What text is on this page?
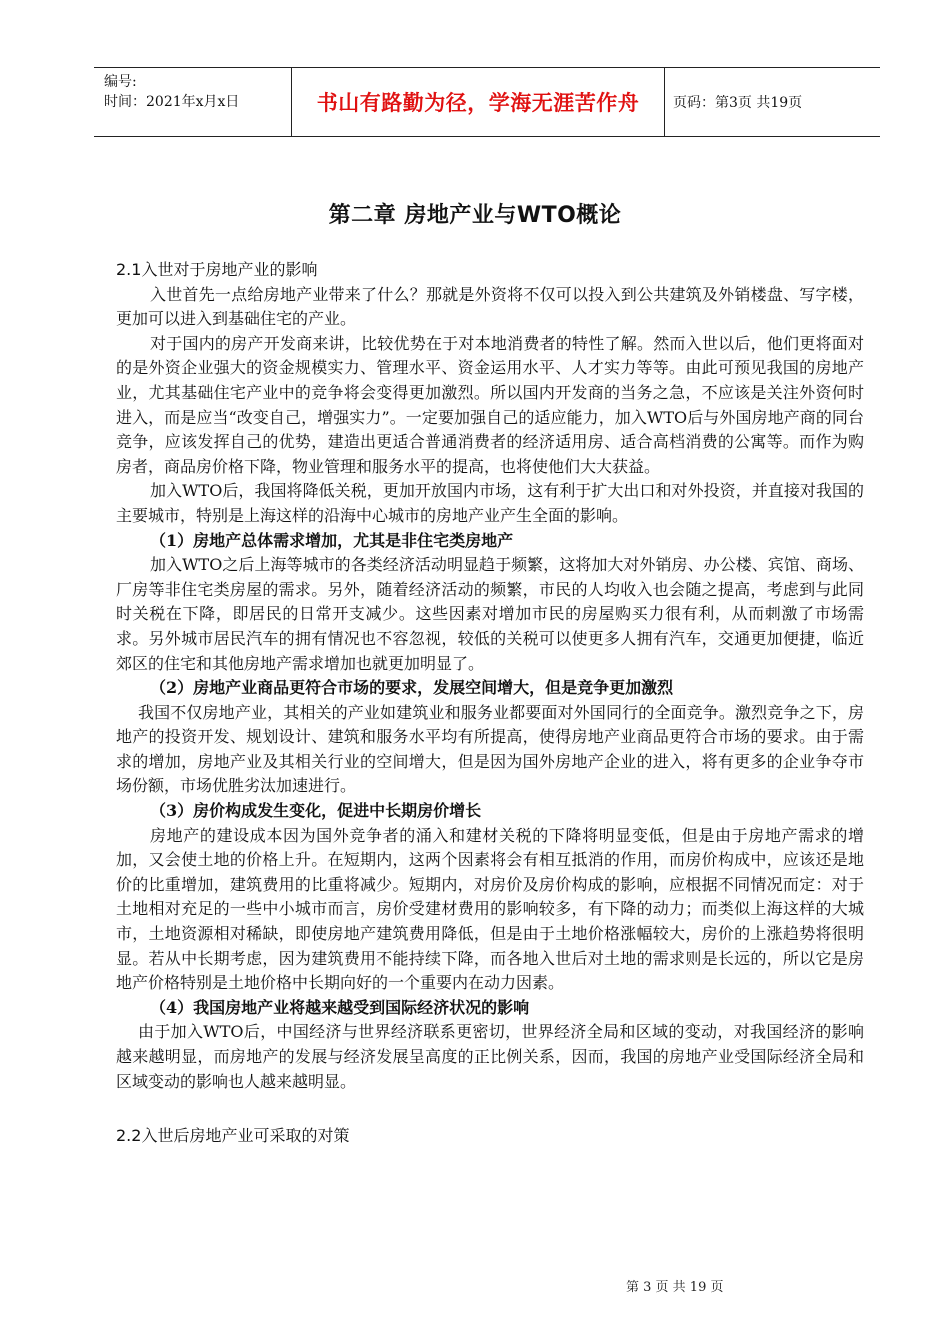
编号:
时间：2021年x月x日	书山有路勤为径，学海无涯苦作舟 页码：第3页 共19页
第二章 房地产业与WTO概论

2.1入世对于房地产业的影响

入世首先一点给房地产业带来了什么？那就是外资将不仅可以投入到公共建筑及外销楼盘、写字楼，更加可以进入到基础住宅的产业。

对于国内的房产开发商来讲，比较优势在于对本地消费者的特性了解。然而入世以后，他们更将面对的是外资企业强大的资金规模实力、管理水平、资金运用水平、人才实力等等。由此可预见我国的房地产业，尤其基础住宅产业中的竞争将会变得更加激烈。所以国内开发商的当务之急，不应该是关注外资何时进入，而是应当“改变自己，增强实力”。一定要加强自己的适应能力，加入WTO后与外国房地产商的同台竞争，应该发挥自己的优势，建造出更适合普通消费者的经济适用房、适合高档消费的公寓等。而作为购房者，商品房价格下降，物业管理和服务水平的提高，也将使他们大大获益。

加入WTO后，我国将降低关税，更加开放国内市场，这有利于扩大出口和对外投资，并直接对我国的主要城市，特别是上海这样的沿海中心城市的房地产业产生全面的影响。

（1）房地产总体需求增加，尤其是非住宅类房地产

加入WTO之后上海等城市的各类经济活动明显趋于频繁，这将加大对外销房、办公楼、宾馆、商场、厂房等非住宅类房屋的需求。另外，随着经济活动的频繁，市民的人均收入也会随之提高，考虑到与此同时关税在下降，即居民的日常开支减少。这些因素对增加市民的房屋购买力很有利，从而刺激了市场需求。另外城市居民汽车的拥有情况也不容忽视，较低的关税可以使更多人拥有汽车，交通更加便捷，临近郊区的住宅和其他房地产需求增加也就更加明显了。

（2）房地产业商品更符合市场的要求，发展空间增大，但是竞争更加激烈

我国不仅房地产业，其相关的产业如建筑业和服务业都要面对外国同行的全面竞争。激烈竞争之下，房地产的投资开发、规划设计、建筑和服务水平均有所提高，使得房地产业商品更符合市场的要求。由于需求的增加，房地产业及其相关行业的空间增大，但是因为国外房地产企业的进入，将有更多的企业争夺市场份额，市场优胜劣汰加速进行。

（3）房价构成发生变化，促进中长期房价增长

房地产的建设成本因为国外竞争者的涌入和建材关税的下降将明显变低，但是由于房地产需求的增加，又会使土地的价格上升。在短期内，这两个因素将会有相互抵消的作用，而房价构成中，应该还是地价的比重增加，建筑费用的比重将减少。短期内，对房价及房价构成的影响，应根据不同情况而定：对于土地相对充足的一些中小城市而言，房价受建材费用的影响较多，有下降的动力；而类似上海这样的大城市，土地资源相对稀缺，即使房地产建筑费用降低，但是由于土地价格涨幅较大，房价的上涨趋势将很明显。若从中长期考虑，因为建筑费用不能持续下降，而各地入世后对土地的需求则是长远的，所以它是房地产价格特别是土地价格中长期向好的一个重要内在动力因素。

（4）我国房地产业将越来越受到国际经济状况的影响

由于加入WTO后，中国经济与世界经济联系更密切，世界经济全局和区域的变动，对我国经济的影响越来越明显，而房地产的发展与经济发展呈高度的正比例关系，因而，我国的房地产业受国际经济全局和区域变动的影响也人越来越明显。

2.2入世后房地产业可采取的对策

第 3 页 共 19 页
